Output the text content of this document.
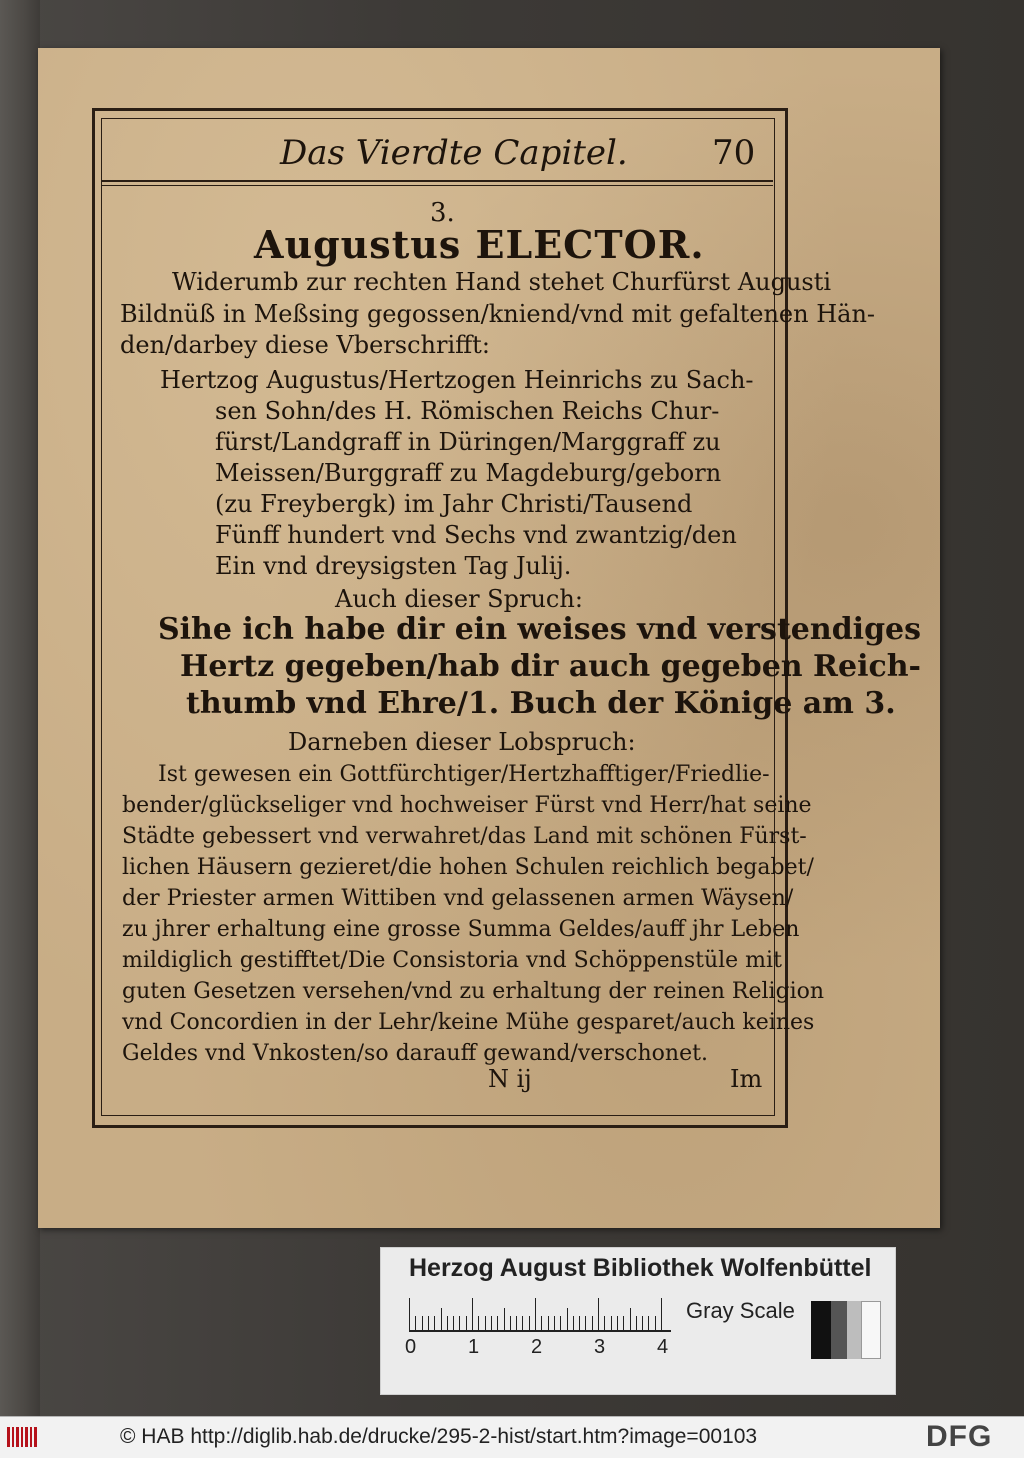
Das Vierdte Capitel. 70
3.
Augustus ELECTOR.
Widerumb zur rechten Hand stehet Churfürst Augusti
Bildnüß in Meßsing gegossen/kniend/vnd mit gefaltenen Hän-
den/darbey diese Vberschrifft:
Hertzog Augustus/Hertzogen Heinrichs zu Sach-
sen Sohn/des H. Römischen Reichs Chur-
fürst/Landgraff in Düringen/Marggraff zu
Meissen/Burggraff zu Magdeburg/geborn
(zu Freybergk) im Jahr Christi/Tausend
Fünff hundert vnd Sechs vnd zwantzig/den
Ein vnd dreysigsten Tag Julij.
Auch dieser Spruch:
Sihe ich habe dir ein weises vnd verstendiges
Hertz gegeben/hab dir auch gegeben Reich-
thumb vnd Ehre/1. Buch der Könige am 3.
Darneben dieser Lobspruch:
Ist gewesen ein Gottfürchtiger/Hertzhafftiger/Friedlie-
bender/glückseliger vnd hochweiser Fürst vnd Herr/hat seine
Städte gebessert vnd verwahret/das Land mit schönen Fürst-
lichen Häusern gezieret/die hohen Schulen reichlich begabet/
der Priester armen Wittiben vnd gelassenen armen Wäysen/
zu jhrer erhaltung eine grosse Summa Geldes/auff jhr Leben
mildiglich gestifftet/Die Consistoria vnd Schöppenstüle mit
guten Gesetzen versehen/vnd zu erhaltung der reinen Religion
vnd Concordien in der Lehr/keine Mühe gesparet/auch keines
Geldes vnd Vnkosten/so darauff gewand/verschonet.
N ij	Im
Herzog August Bibliothek Wolfenbüttel
0	1	2	3	4
Gray Scale
© HAB http://diglib.hab.de/drucke/295-2-hist/start.htm?image=00103	DFG
